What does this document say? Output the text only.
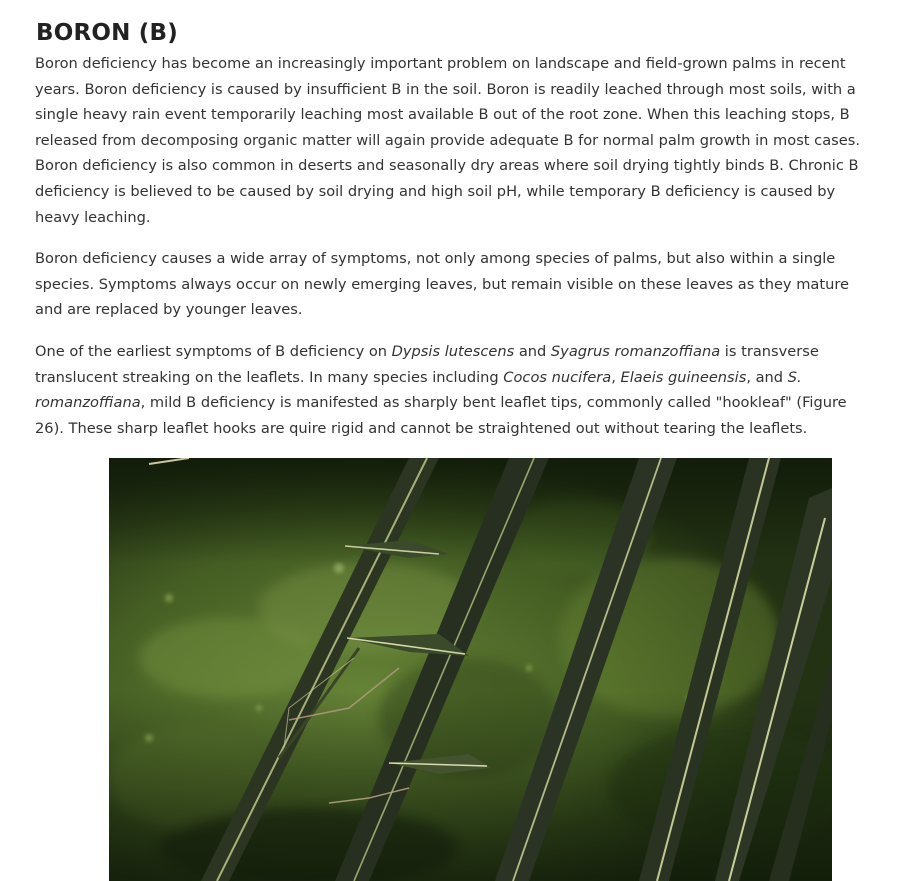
BORON (B)

Boron deficiency has become an increasingly important problem on landscape and field-grown palms in recent years. Boron deficiency is caused by insufficient B in the soil. Boron is readily leached through most soils, with a single heavy rain event temporarily leaching most available B out of the root zone. When this leaching stops, B released from decomposing organic matter will again provide adequate B for normal palm growth in most cases. Boron deficiency is also common in deserts and seasonally dry areas where soil drying tightly binds B. Chronic B deficiency is believed to be caused by soil drying and high soil pH, while temporary B deficiency is caused by heavy leaching.

Boron deficiency causes a wide array of symptoms, not only among species of palms, but also within a single species. Symptoms always occur on newly emerging leaves, but remain visible on these leaves as they mature and are replaced by younger leaves.

One of the earliest symptoms of B deficiency on Dypsis lutescens and Syagrus romanzoffiana is transverse translucent streaking on the leaflets. In many species including Cocos nucifera, Elaeis guineensis, and S. romanzoffiana, mild B deficiency is manifested as sharply bent leaflet tips, commonly called "hookleaf" (Figure 26). These sharp leaflet hooks are quire rigid and cannot be straightened out without tearing the leaflets.
